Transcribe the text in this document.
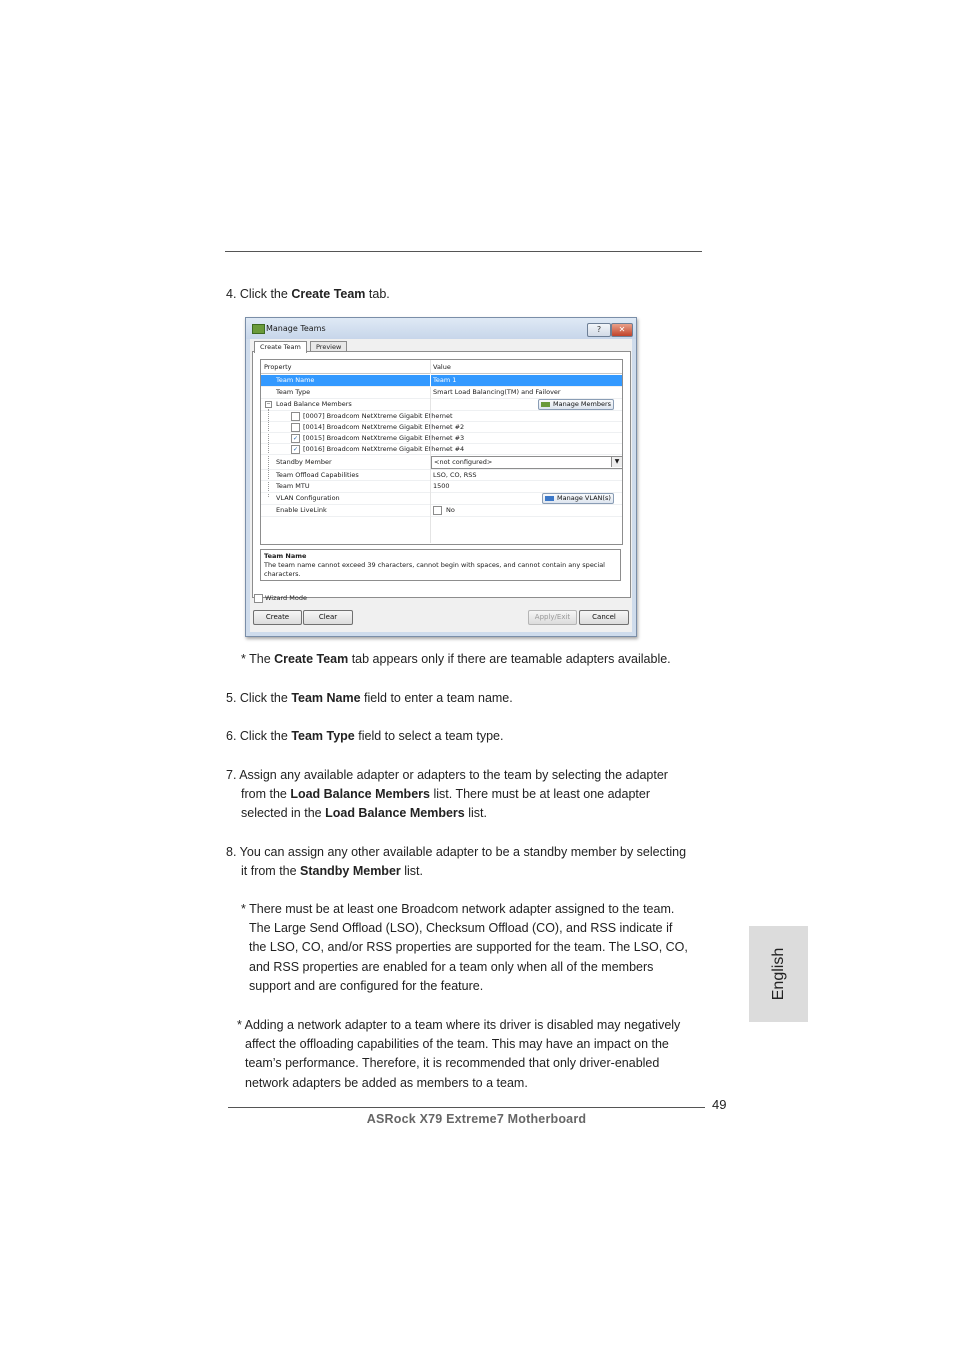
4. Click the Create Team tab.
Manage Teams	?	✕
Create Team	Preview
Property	Value
Team Name	Team 1
Team Type	Smart Load Balancing(TM) and Failover
− Load Balance Members	Manage Members
[0007] Broadcom NetXtreme Gigabit Ethernet
[0014] Broadcom NetXtreme Gigabit Ethernet #2
✓ [0015] Broadcom NetXtreme Gigabit Ethernet #3
✓ [0016] Broadcom NetXtreme Gigabit Ethernet #4
Standby Member	<not configured>	▼
Team Offload Capabilities	LSO, CO, RSS
Team MTU	1500
VLAN Configuration	Manage VLAN(s)
Enable LiveLink	No
Team Name
The team name cannot exceed 39 characters, cannot begin with spaces, and cannot contain any special characters.
Wizard Mode
Create	Clear	Apply/Exit	Cancel
* The Create Team tab appears only if there are teamable adapters available.
5. Click the Team Name field to enter a team name.
6. Click the Team Type field to select a team type.
7. Assign any available adapter or adapters to the team by selecting the adapter
from the Load Balance Members list. There must be at least one adapter
selected in the Load Balance Members list.
8. You can assign any other available adapter to be a standby member by selecting
it from the Standby Member list.
* There must be at least one Broadcom network adapter assigned to the team.
The Large Send Offload (LSO), Checksum Offload (CO), and RSS indicate if
the LSO, CO, and/or RSS properties are supported for the team. The LSO, CO,
and RSS properties are enabled for a team only when all of the members
support and are configured for the feature.
* Adding a network adapter to a team where its driver is disabled may negatively
affect the offloading capabilities of the team. This may have an impact on the
team’s performance. Therefore, it is recommended that only driver-enabled
network adapters be added as members to a team.
English
49
ASRock X79 Extreme7 Motherboard
